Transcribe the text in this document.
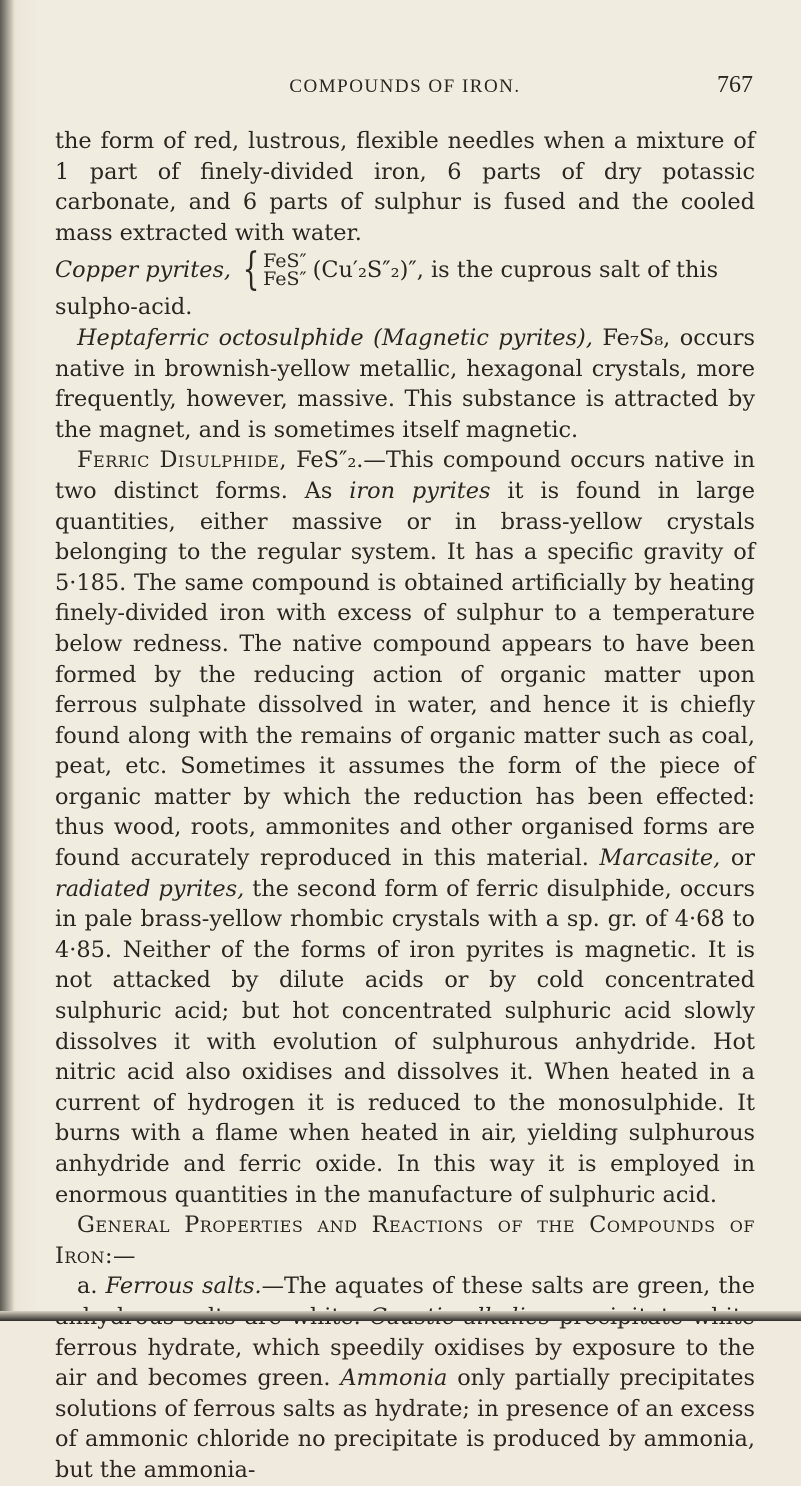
COMPOUNDS OF IRON.	767

the form of red, lustrous, flexible needles when a mixture of 1 part of finely-divided iron, 6 parts of dry potassic carbonate, and 6 parts of sulphur is fused and the cooled mass extracted with water.

Copper pyrites, { FeS″
FeS″ (Cu′₂S″₂)″, is the cuprous salt of this

sulpho-acid.

Heptaferric octosulphide (Magnetic pyrites), Fe₇S₈, occurs native in brownish-yellow metallic, hexagonal crystals, more frequently, however, massive. This substance is attracted by the magnet, and is sometimes itself magnetic.

Ferric Disulphide, FeS″₂.—This compound occurs native in two distinct forms. As iron pyrites it is found in large quantities, either massive or in brass-yellow crystals belonging to the regular system. It has a specific gravity of 5·185. The same compound is obtained artificially by heating finely-divided iron with excess of sulphur to a temperature below redness. The native compound appears to have been formed by the reducing action of organic matter upon ferrous sulphate dissolved in water, and hence it is chiefly found along with the remains of organic matter such as coal, peat, etc. Sometimes it assumes the form of the piece of organic matter by which the reduction has been effected: thus wood, roots, ammonites and other organised forms are found accurately reproduced in this material. Marcasite, or radiated pyrites, the second form of ferric disulphide, occurs in pale brass-yellow rhombic crystals with a sp. gr. of 4·68 to 4·85. Neither of the forms of iron pyrites is magnetic. It is not attacked by dilute acids or by cold concentrated sulphuric acid; but hot concentrated sulphuric acid slowly dissolves it with evolution of sulphurous anhydride. Hot nitric acid also oxidises and dissolves it. When heated in a current of hydrogen it is reduced to the monosulphide. It burns with a flame when heated in air, yielding sulphurous anhydride and ferric oxide. In this way it is employed in enormous quantities in the manufacture of sulphuric acid.

General Properties and Reactions of the Compounds of Iron:—

a. Ferrous salts.—The aquates of these salts are green, the ferrous hydrate, which speedily oxidises by exposure to the air and becomes green. Ammonia only partially precipitates solutions of ferrous salts as hydrate; in presence of an excess of ammonic chloride no precipitate is produced by ammonia, but the ammonia-
